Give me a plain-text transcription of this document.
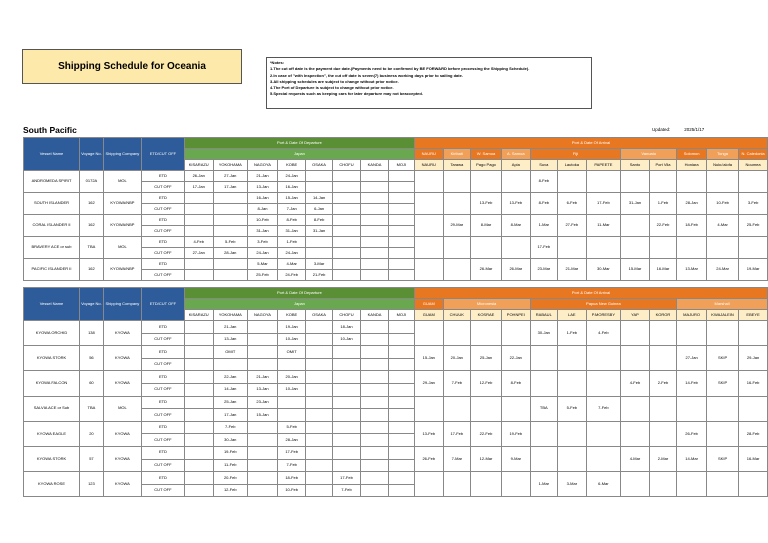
Shipping Schedule for Oceania	*Notes:
1.The cut off date is the payment due date.(Payments need to be confirmed by BE FORWARD before processing the Shipping Schedule).
2.In case of "with Inspection", the cut off date is seven(7) business working days prior to sailing date.
3.All shipping schedules are subject to change without prior notice.
4.The Port of Departure is subject to change without prior notice.
5.Special requests such as keeping cars for later departure may not beaccepted.
South Pacific	Updated:	2025/1/17
Vessel Name	Voyage No.	Shipping Company	ETD/CUT OFF	Port & Date Of Departure								Port & Date Of Arrival											
				Japan								NAURU	Kiribati	W. Samoa	A. Samoa	Fiji			Vanuatu		Solomon	Tonga	N. Caledonia
				KISARAZU	YOKOHAMA	NAGOYA	KOBE	OSAKA	CHOFU	KANDA	MOJI	NAURU	Tarawa	Pago Pago	Apia	Suva	Lautoka	PAPEETE	Santo	Port Vila	Honiara	Nuku'alofa	Noumea
ANDROMEDA SPIRIT	0172A	MOL	ETD	26-Jan	27-Jan	21-Jan	24-Jan									8-Feb							
			CUT OFF	17-Jan	17-Jan	13-Jan	16-Jan																
SOUTH ISLANDER	162	KYOWA/NBP	ETD			16-Jan	15-Jan	14-Jan						13-Feb	13-Feb	8-Feb	6-Feb	17-Feb	31-Jan	1-Feb	28-Jan	10-Feb	3-Feb
			CUT OFF			8-Jan	7-Jan	6-Jan															
CORAL ISLANDER II	162	KYOWA/NBP	ETD			10-Feb	8-Feb	8-Feb					29-Mar	8-Mar	8-Mar	1-Mar	27-Feb	11-Mar		22-Feb	18-Feb	4-Mar	25-Feb
			CUT OFF			31-Jan	31-Jan	31-Jan															
BRAVERY ACE or sub	TBA	MOL	ETD	4-Feb	5-Feb	3-Feb	1-Feb									17-Feb							
			CUT OFF	27-Jan	28-Jan	24-Jan	24-Jan																
PACIFIC ISLANDER II	162	KYOWA/NBP	ETD			5-Mar	4-Mar	3-Mar						26-Mar	26-Mar	23-Mar	21-Mar	30-Mar	15-Mar	16-Mar	13-Mar	24-Mar	19-Mar
			CUT OFF			25-Feb	24-Feb	21-Feb															
Vessel Name	Voyage No.	Shipping Company	ETD/CUT OFF	Port & Date Of Departure								Port & Date Of Arrival											
				Japan								GUAM	Micronesia			Papua New Guinea					Marshall		
				KISARAZU	YOKOHAMA	NAGOYA	KOBE	OSAKA	CHOFU	KANDA	MOJI	GUAM	CHUUK	KOSRAE	POHNPEI	RABAUL	LAE	P.MORESBY	YAP	KOROR	MAJURO	KWAJALEIN	EBEYE
KYOWA ORCHID	138	KYOWA	ETD		21-Jan		19-Jan		18-Jan							30-Jan	1-Feb	4-Feb					
			CUT OFF		13-Jan		10-Jan		10-Jan														
KYOWA STORK	56	KYOWA	ETD		OMIT		OMIT					15-Jan	20-Jan	25-Jan	22-Jan						27-Jan	SKIP	29-Jan
			CUT OFF																				
KYOWA FALCON	60	KYOWA	ETD		22-Jan	21-Jan	20-Jan					29-Jan	7-Feb	12-Feb	8-Feb				4-Feb	2-Feb	14-Feb	SKIP	16-Feb
			CUT OFF		14-Jan	13-Jan	10-Jan																
SALVIA ACE or Sub	TBA	MOL	ETD		25-Jan	23-Jan										TBA	5-Feb	7-Feb					
			CUT OFF		17-Jan	15-Jan																	
KYOWA EAGLE	20	KYOWA	ETD		7-Feb		5-Feb					13-Feb	17-Feb	22-Feb	19-Feb						26-Feb		28-Feb
			CUT OFF		30-Jan		28-Jan																
KYOWA STORK	57	KYOWA	ETD		19-Feb		17-Feb					26-Feb	7-Mar	12-Mar	9-Mar				4-Mar	2-Mar	14-Mar	SKIP	16-Mar
			CUT OFF		11-Feb		7-Feb																
KYOWA ROSE	123	KYOWA	ETD		20-Feb		18-Feb		17-Feb							1-Mar	3-Mar	6-Mar					
			CUT OFF		12-Feb		10-Feb		7-Feb														
